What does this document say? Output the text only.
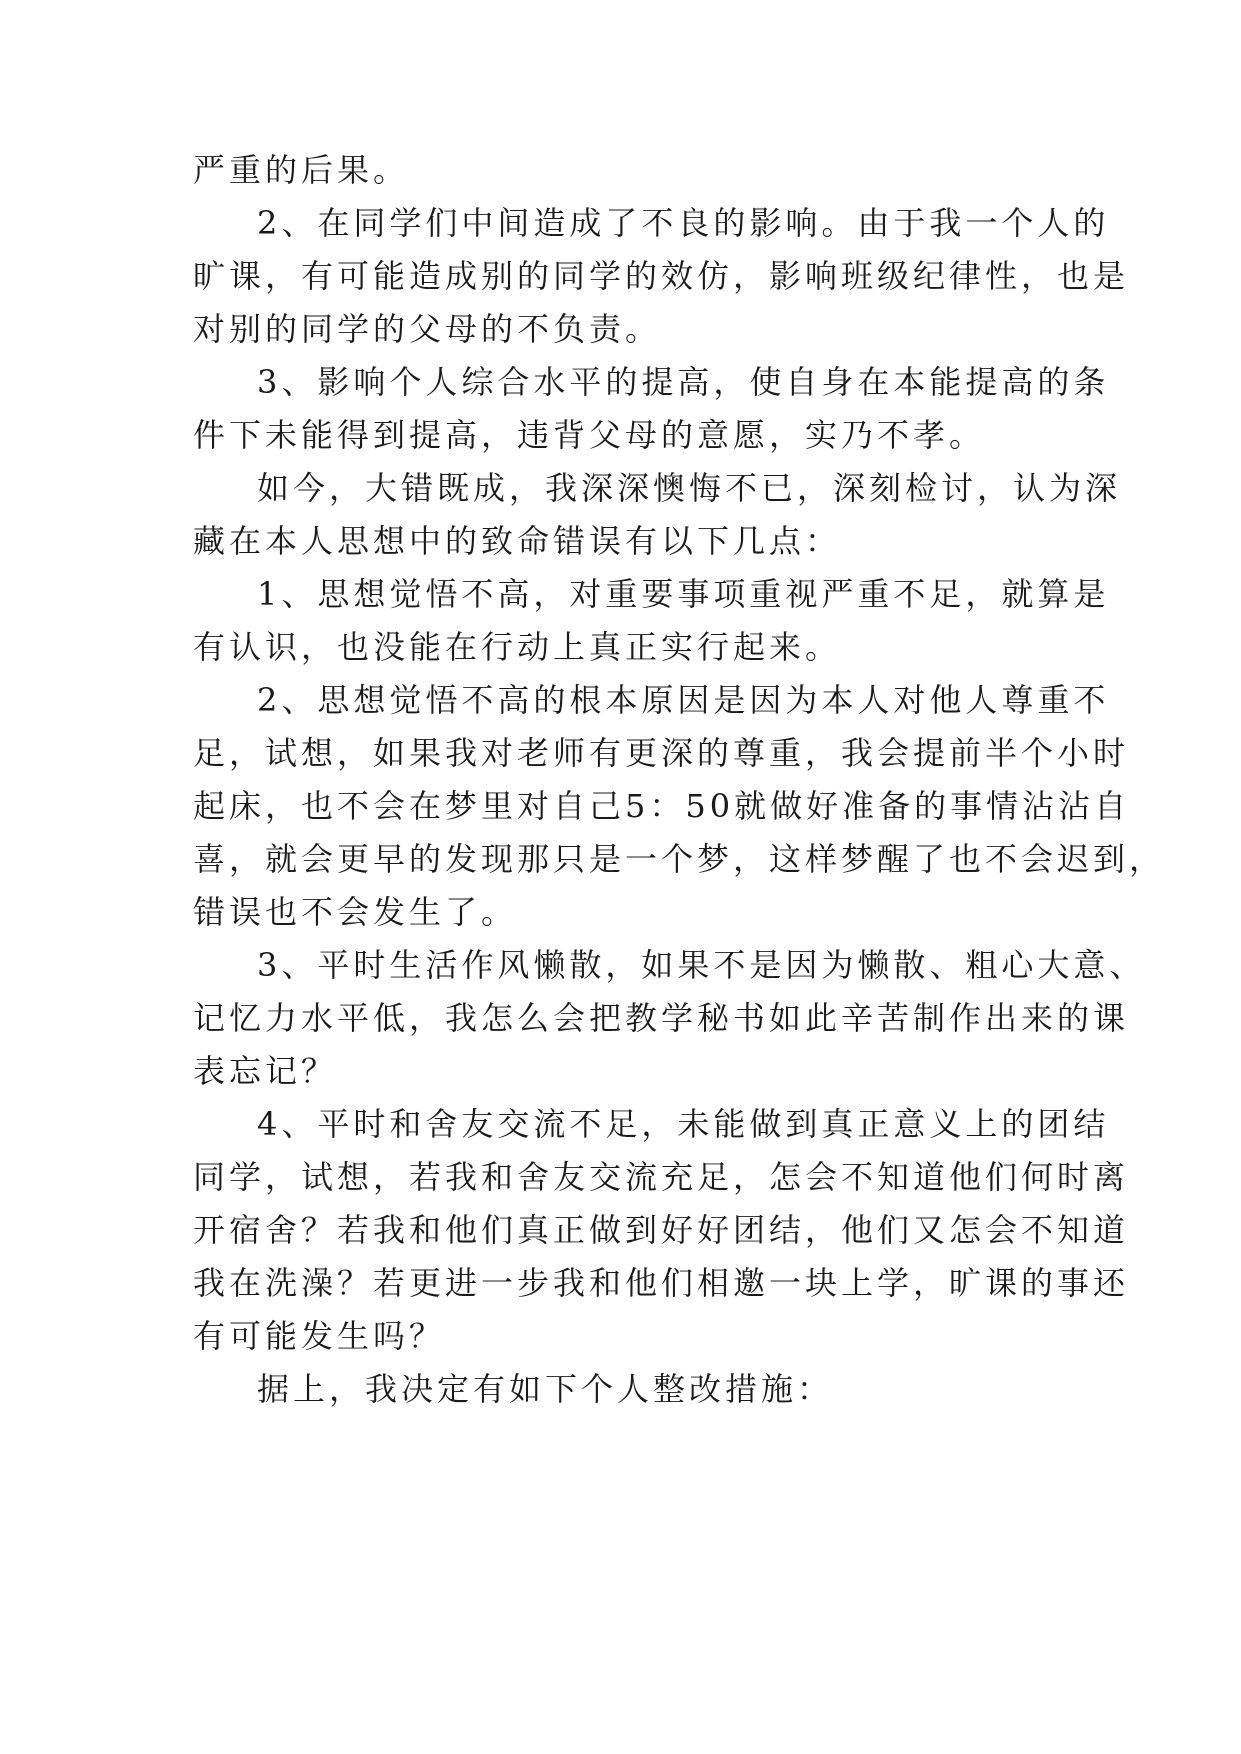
严重的后果。
2、在同学们中间造成了不良的影响。由于我一个人的
旷课，有可能造成别的同学的效仿，影响班级纪律性，也是
对别的同学的父母的不负责。
3、影响个人综合水平的提高，使自身在本能提高的条
件下未能得到提高，违背父母的意愿，实乃不孝。
如今，大错既成，我深深懊悔不已，深刻检讨，认为深
藏在本人思想中的致命错误有以下几点：
1、思想觉悟不高，对重要事项重视严重不足，就算是
有认识，也没能在行动上真正实行起来。
2、思想觉悟不高的根本原因是因为本人对他人尊重不
足，试想，如果我对老师有更深的尊重，我会提前半个小时
起床，也不会在梦里对自己5：50就做好准备的事情沾沾自
喜，就会更早的发现那只是一个梦，这样梦醒了也不会迟到，
错误也不会发生了。
3、平时生活作风懒散，如果不是因为懒散、粗心大意、
记忆力水平低，我怎么会把教学秘书如此辛苦制作出来的课
表忘记？
4、平时和舍友交流不足，未能做到真正意义上的团结
同学，试想，若我和舍友交流充足，怎会不知道他们何时离
开宿舍？若我和他们真正做到好好团结，他们又怎会不知道
我在洗澡？若更进一步我和他们相邀一块上学，旷课的事还
有可能发生吗？
据上，我决定有如下个人整改措施：
